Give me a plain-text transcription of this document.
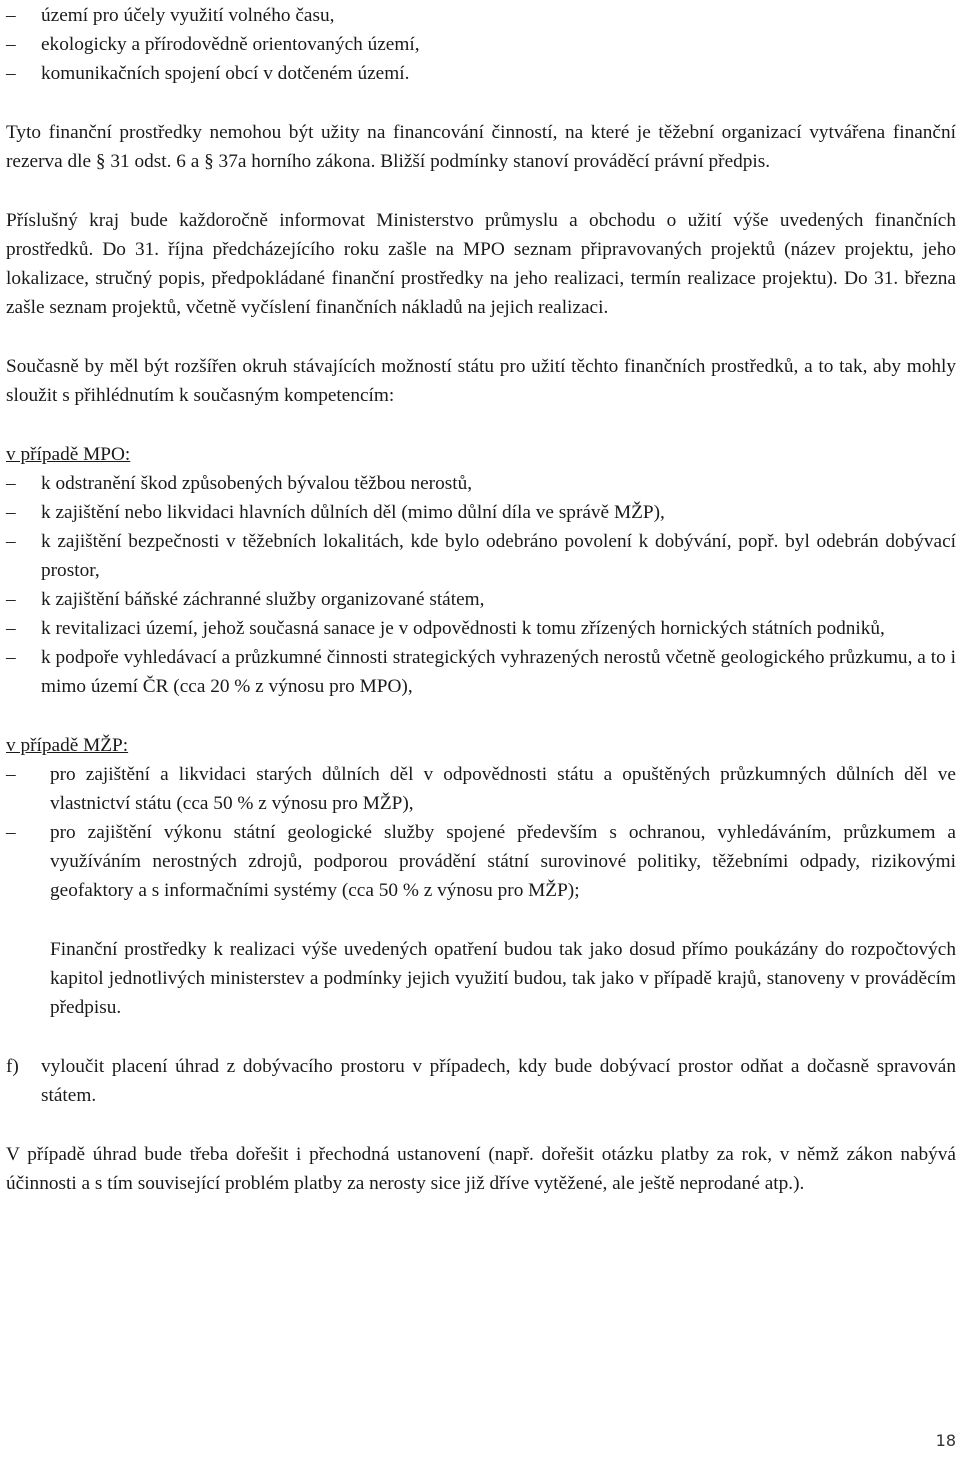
– území pro účely využití volného času,
– ekologicky a přírodovědně orientovaných území,
– komunikačních spojení obcí v dotčeném území.

Tyto finanční prostředky nemohou být užity na financování činností, na které je těžební organizací vytvářena finanční rezerva dle § 31 odst. 6 a § 37a horního zákona. Bližší podmínky stanoví prováděcí právní předpis.

Příslušný kraj bude každoročně informovat Ministerstvo průmyslu a obchodu o užití výše uvedených finančních prostředků. Do 31. října předcházejícího roku zašle na MPO seznam připravovaných projektů (název projektu, jeho lokalizace, stručný popis, předpokládané finanční prostředky na jeho realizaci, termín realizace projektu). Do 31. března zašle seznam projektů, včetně vyčíslení finančních nákladů na jejich realizaci.

Současně by měl být rozšířen okruh stávajících možností státu pro užití těchto finančních prostředků, a to tak, aby mohly sloužit s přihlédnutím k současným kompetencím:

v případě MPO:

– k odstranění škod způsobených bývalou těžbou nerostů,
– k zajištění nebo likvidaci hlavních důlních děl (mimo důlní díla ve správě MŽP),
– k zajištění bezpečnosti v těžebních lokalitách, kde bylo odebráno povolení k dobývání, popř. byl odebrán dobývací prostor,
– k zajištění báňské záchranné služby organizované státem,
– k revitalizaci území, jehož současná sanace je v odpovědnosti k tomu zřízených hornických státních podniků,
– k podpoře vyhledávací a průzkumné činnosti strategických vyhrazených nerostů včetně geologického průzkumu, a to i mimo území ČR (cca 20 % z výnosu pro MPO),

v případě MŽP:

– pro zajištění a likvidaci starých důlních děl v odpovědnosti státu a opuštěných průzkumných důlních děl ve vlastnictví státu (cca 50 % z výnosu pro MŽP),
– pro zajištění výkonu státní geologické služby spojené především s ochranou, vyhledáváním, průzkumem a využíváním nerostných zdrojů, podporou provádění státní surovinové politiky, těžebními odpady, rizikovými geofaktory a s informačními systémy (cca 50 % z výnosu pro MŽP);

Finanční prostředky k realizaci výše uvedených opatření budou tak jako dosud přímo poukázány do rozpočtových kapitol jednotlivých ministerstev a podmínky jejich využití budou, tak jako v případě krajů, stanoveny v prováděcím předpisu.

f)	vyloučit placení úhrad z dobývacího prostoru v případech, kdy bude dobývací prostor odňat a dočasně spravován státem.

V případě úhrad bude třeba dořešit i přechodná ustanovení (např. dořešit otázku platby za rok, v němž zákon nabývá účinnosti a s tím související problém platby za nerosty sice již dříve vytěžené, ale ještě neprodané atp.).

18
